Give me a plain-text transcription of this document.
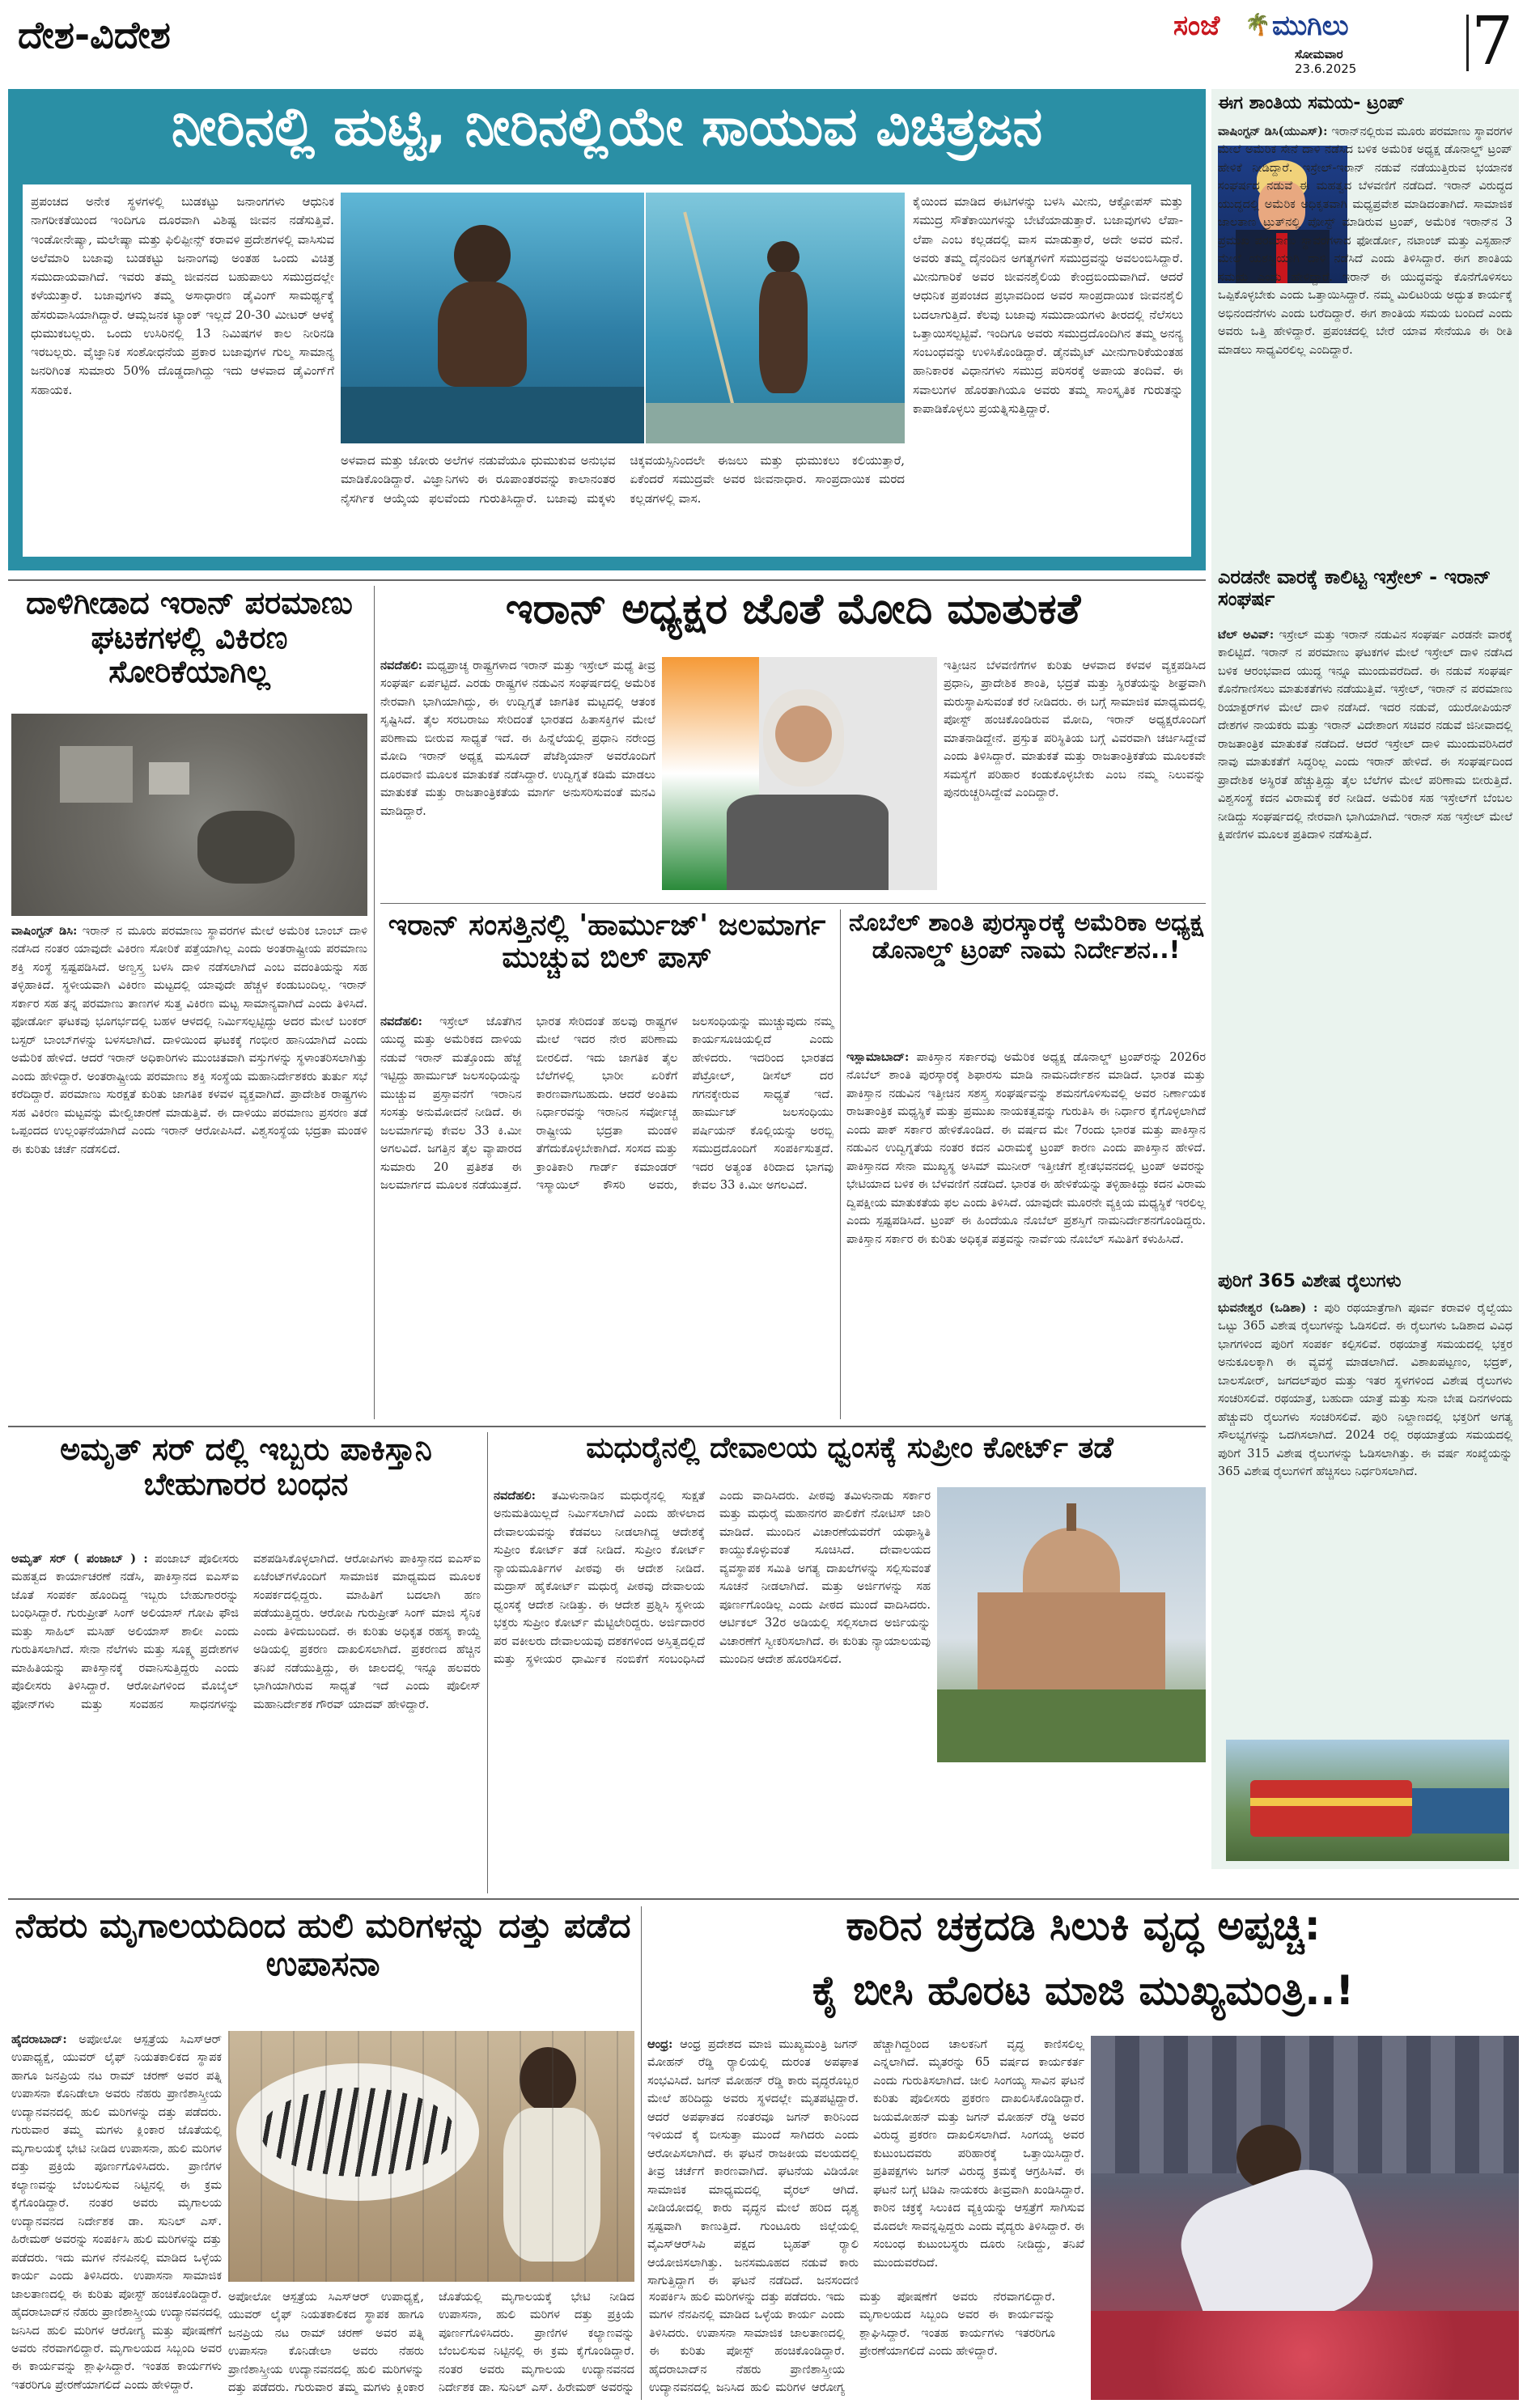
ದೇಶ-ವಿದೇಶ	ಸಂಜೆ 🌴 ಮುಗಿಲು
ಸೋಮವಾರ
23.6.2025 7
ನೀರಿನಲ್ಲಿ ಹುಟ್ಟಿ, ನೀರಿನಲ್ಲಿಯೇ ಸಾಯುವ ವಿಚಿತ್ರಜನ
ಪ್ರಪಂಚದ ಅನೇಕ ಸ್ಥಳಗಳಲ್ಲಿ ಬುಡಕಟ್ಟು ಜನಾಂಗಗಳು ಆಧುನಿಕ ನಾಗರೀಕತೆಯಿಂದ ಇಂದಿಗೂ ದೂರವಾಗಿ ವಿಶಿಷ್ಟ ಜೀವನ ನಡೆಸುತ್ತಿವೆ. ಇಂಡೋನೇಷ್ಯಾ, ಮಲೇಷ್ಯಾ ಮತ್ತು ಫಿಲಿಪ್ಪೀನ್ಸ್ ಕರಾವಳಿ ಪ್ರದೇಶಗಳಲ್ಲಿ ವಾಸಿಸುವ ಅಲೆಮಾರಿ ಬಜಾವು ಬುಡಕಟ್ಟು ಜನಾಂಗವು ಅಂತಹ ಒಂದು ವಿಚಿತ್ರ ಸಮುದಾಯವಾಗಿದೆ. ಇವರು ತಮ್ಮ ಜೀವನದ ಬಹುಪಾಲು ಸಮುದ್ರದಲ್ಲೇ ಕಳೆಯುತ್ತಾರೆ. ಬಜಾವುಗಳು ತಮ್ಮ ಅಸಾಧಾರಣ ಡೈವಿಂಗ್ ಸಾಮರ್ಥ್ಯಕ್ಕೆ ಹೆಸರುವಾಸಿಯಾಗಿದ್ದಾರೆ. ಆಮ್ಲಜನಕ ಟ್ಯಾಂಕ್ ಇಲ್ಲದೆ 20-30 ಮೀಟರ್ ಆಳಕ್ಕೆ ಧುಮುಕಬಲ್ಲರು. ಒಂದು ಉಸಿರಿನಲ್ಲಿ 13 ನಿಮಿಷಗಳ ಕಾಲ ನೀರಿನಡಿ ಇರಬಲ್ಲರು. ವೈಜ್ಞಾನಿಕ ಸಂಶೋಧನೆಯ ಪ್ರಕಾರ ಬಜಾವುಗಳ ಗುಲ್ಮ ಸಾಮಾನ್ಯ ಜನರಿಗಿಂತ ಸುಮಾರು 50% ದೊಡ್ಡದಾಗಿದ್ದು ಇದು ಆಳವಾದ ಡೈವಿಂಗ್‌ಗೆ ಸಹಾಯಕ.
ಅಳವಾದ ಮತ್ತು ಜೋರು ಅಲೆಗಳ ನಡುವೆಯೂ ಧುಮುಕುವ ಅನುಭವ ಮಾಡಿಕೊಂಡಿದ್ದಾರೆ. ವಿಜ್ಞಾನಿಗಳು ಈ ರೂಪಾಂತರವನ್ನು ಕಾಲಾನಂತರ ನೈಸರ್ಗಿಕ ಆಯ್ಕೆಯ ಫಲವೆಂದು ಗುರುತಿಸಿದ್ದಾರೆ. ಬಜಾವು ಮಕ್ಕಳು ಚಿಕ್ಕವಯಸ್ಸಿನಿಂದಲೇ ಈಜಲು ಮತ್ತು ಧುಮುಕಲು ಕಲಿಯುತ್ತಾರೆ, ಏಕೆಂದರೆ ಸಮುದ್ರವೇ ಅವರ ಜೀವನಾಧಾರ. ಸಾಂಪ್ರದಾಯಿಕ ಮರದ ಕಲ್ಲಡಗಳಲ್ಲಿ ವಾಸ.
ಕೈಯಿಂದ ಮಾಡಿದ ಈಟಿಗಳನ್ನು ಬಳಸಿ ಮೀನು, ಆಕ್ಟೋಪಸ್ ಮತ್ತು ಸಮುದ್ರ ಸೌತೆಕಾಯಿಗಳನ್ನು ಬೇಟೆಯಾಡುತ್ತಾರೆ. ಬಜಾವುಗಳು ಲೆಪಾ-ಲೆಪಾ ಎಂಬ ಕಲ್ಲಡದಲ್ಲಿ ವಾಸ ಮಾಡುತ್ತಾರೆ, ಅದೇ ಅವರ ಮನೆ. ಅವರು ತಮ್ಮ ದೈನಂದಿನ ಅಗತ್ಯಗಳಿಗೆ ಸಮುದ್ರವನ್ನು ಅವಲಂಬಿಸಿದ್ದಾರೆ. ಮೀನುಗಾರಿಕೆ ಅವರ ಜೀವನಶೈಲಿಯ ಕೇಂದ್ರಬಿಂದುವಾಗಿದೆ. ಆದರೆ ಆಧುನಿಕ ಪ್ರಪಂಚದ ಪ್ರಭಾವದಿಂದ ಅವರ ಸಾಂಪ್ರದಾಯಿಕ ಜೀವನಶೈಲಿ ಬದಲಾಗುತ್ತಿದೆ. ಕೆಲವು ಬಜಾವು ಸಮುದಾಯಗಳು ತೀರದಲ್ಲಿ ನೆಲೆಸಲು ಒತ್ತಾಯಿಸಲ್ಪಟ್ಟಿವೆ. ಇಂದಿಗೂ ಅವರು ಸಮುದ್ರದೊಂದಿಗಿನ ತಮ್ಮ ಅನನ್ಯ ಸಂಬಂಧವನ್ನು ಉಳಿಸಿಕೊಂಡಿದ್ದಾರೆ. ಡೈನಮೈಟ್ ಮೀನುಗಾರಿಕೆಯಂತಹ ಹಾನಿಕಾರಕ ವಿಧಾನಗಳು ಸಮುದ್ರ ಪರಿಸರಕ್ಕೆ ಅಪಾಯ ತಂದಿವೆ. ಈ ಸವಾಲುಗಳ ಹೊರತಾಗಿಯೂ ಅವರು ತಮ್ಮ ಸಾಂಸ್ಕೃತಿಕ ಗುರುತನ್ನು ಕಾಪಾಡಿಕೊಳ್ಳಲು ಪ್ರಯತ್ನಿಸುತ್ತಿದ್ದಾರೆ.
ಈಗ ಶಾಂತಿಯ ಸಮಯ- ಟ್ರಂಪ್
ವಾಷಿಂಗ್ಟನ್ ಡಿಸಿ(ಯುಎಸ್): ಇರಾನ್‌ನಲ್ಲಿರುವ ಮೂರು ಪರಮಾಣು ಸ್ಥಾವರಗಳ ಮೇಲೆ ಅಮೆರಿಕ ಸೇನೆ ದಾಳಿ ನಡೆಸಿದ ಬಳಿಕ ಅಮೆರಿಕ ಅಧ್ಯಕ್ಷ ಡೊನಾಲ್ಡ್ ಟ್ರಂಪ್ ಹೇಳಿಕೆ ನೀಡಿದ್ದಾರೆ. ಇಸ್ರೇಲ್-ಇರಾನ್ ನಡುವೆ ನಡೆಯುತ್ತಿರುವ ಭಯಾನಕ ಸಂಘರ್ಷದ ನಡುವೆ ಈ ಮಹತ್ವದ ಬೆಳವಣಿಗೆ ನಡೆದಿದೆ. ಇರಾನ್ ವಿರುದ್ಧದ ಯುದ್ಧದಲ್ಲಿ ಅಮೆರಿಕ ಅಧಿಕೃತವಾಗಿ ಮಧ್ಯಪ್ರವೇಶ ಮಾಡಿದಂತಾಗಿದೆ. ಸಾಮಾಜಿಕ ಜಾಲತಾಣ ಟ್ರುತ್‌ನಲ್ಲಿ ಪೋಸ್ಟ್ ಮಾಡಿರುವ ಟ್ರಂಪ್, ಅಮೆರಿಕ ಇರಾನ್‌ನ 3 ಪ್ರಮುಖ ಪರಮಾಣು ಸ್ಥಾವರಗಳಾದ ಫೋರ್ಡೋ, ನಟಾಂಜ್ ಮತ್ತು ಎಸ್ಫಹಾನ್ ಮೇಲೆ ಯಶಸ್ವಿಯಾಗಿ ದಾಳಿ ನಡೆಸಿದೆ ಎಂದು ತಿಳಿಸಿದ್ದಾರೆ. ಈಗ ಶಾಂತಿಯ ಸಮಯ ಎಂದು ಹೇಳಿದ್ದಾರೆ. ಇರಾನ್ ಈ ಯುದ್ಧವನ್ನು ಕೊನೆಗೊಳಿಸಲು ಒಪ್ಪಿಕೊಳ್ಳಬೇಕು ಎಂದು ಒತ್ತಾಯಿಸಿದ್ದಾರೆ. ನಮ್ಮ ಮಿಲಿಟರಿಯ ಅದ್ಭುತ ಕಾರ್ಯಕ್ಕೆ ಅಭಿನಂದನೆಗಳು ಎಂದು ಬರೆದಿದ್ದಾರೆ. ಈಗ ಶಾಂತಿಯ ಸಮಯ ಬಂದಿದೆ ಎಂದು ಅವರು ಒತ್ತಿ ಹೇಳಿದ್ದಾರೆ. ಪ್ರಪಂಚದಲ್ಲಿ ಬೇರೆ ಯಾವ ಸೇನೆಯೂ ಈ ರೀತಿ ಮಾಡಲು ಸಾಧ್ಯವಿರಲಿಲ್ಲ ಎಂದಿದ್ದಾರೆ.
ಎರಡನೇ ವಾರಕ್ಕೆ ಕಾಲಿಟ್ಟ ಇಸ್ರೇಲ್ - ಇರಾನ್ ಸಂಘರ್ಷ
ಟೆಲ್ ಅವಿವ್: ಇಸ್ರೇಲ್ ಮತ್ತು ಇರಾನ್ ನಡುವಿನ ಸಂಘರ್ಷ ಎರಡನೇ ವಾರಕ್ಕೆ ಕಾಲಿಟ್ಟಿದೆ. ಇರಾನ್ ನ ಪರಮಾಣು ಘಟಕಗಳ ಮೇಲೆ ಇಸ್ರೇಲ್ ದಾಳಿ ನಡೆಸಿದ ಬಳಿಕ ಆರಂಭವಾದ ಯುದ್ಧ ಇನ್ನೂ ಮುಂದುವರೆದಿದೆ. ಈ ನಡುವೆ ಸಂಘರ್ಷ ಕೊನೆಗಾಣಿಸಲು ಮಾತುಕತೆಗಳು ನಡೆಯುತ್ತಿವೆ. ಇಸ್ರೇಲ್, ಇರಾನ್ ನ ಪರಮಾಣು ರಿಯಾಕ್ಟರ್‌ಗಳ ಮೇಲೆ ದಾಳಿ ನಡೆಸಿದೆ. ಇದರ ನಡುವೆ, ಯುರೋಪಿಯನ್ ದೇಶಗಳ ನಾಯಕರು ಮತ್ತು ಇರಾನ್ ವಿದೇಶಾಂಗ ಸಚಿವರ ನಡುವೆ ಜಿನೀವಾದಲ್ಲಿ ರಾಜತಾಂತ್ರಿಕ ಮಾತುಕತೆ ನಡೆದಿದೆ. ಆದರೆ ಇಸ್ರೇಲ್ ದಾಳಿ ಮುಂದುವರಿಸಿದರೆ ನಾವು ಮಾತುಕತೆಗೆ ಸಿದ್ಧರಿಲ್ಲ ಎಂದು ಇರಾನ್ ಹೇಳಿದೆ. ಈ ಸಂಘರ್ಷದಿಂದ ಪ್ರಾದೇಶಿಕ ಅಸ್ಥಿರತೆ ಹೆಚ್ಚುತ್ತಿದ್ದು ತೈಲ ಬೆಲೆಗಳ ಮೇಲೆ ಪರಿಣಾಮ ಬೀರುತ್ತಿದೆ. ವಿಶ್ವಸಂಸ್ಥೆ ಕದನ ವಿರಾಮಕ್ಕೆ ಕರೆ ನೀಡಿದೆ. ಅಮೆರಿಕ ಸಹ ಇಸ್ರೇಲ್‌ಗೆ ಬೆಂಬಲ ನೀಡಿದ್ದು ಸಂಘರ್ಷದಲ್ಲಿ ನೇರವಾಗಿ ಭಾಗಿಯಾಗಿದೆ. ಇರಾನ್ ಸಹ ಇಸ್ರೇಲ್ ಮೇಲೆ ಕ್ಷಿಪಣಿಗಳ ಮೂಲಕ ಪ್ರತಿದಾಳಿ ನಡೆಸುತ್ತಿದೆ.
ಪುರಿಗೆ 365 ವಿಶೇಷ ರೈಲುಗಳು
ಭುವನೇಶ್ವರ (ಒಡಿಶಾ) : ಪುರಿ ರಥಯಾತ್ರೆಗಾಗಿ ಪೂರ್ವ ಕರಾವಳಿ ರೈಲ್ವೆಯು ಒಟ್ಟು 365 ವಿಶೇಷ ರೈಲುಗಳನ್ನು ಓಡಿಸಲಿದೆ. ಈ ರೈಲುಗಳು ಒಡಿಶಾದ ವಿವಿಧ ಭಾಗಗಳಿಂದ ಪುರಿಗೆ ಸಂಪರ್ಕ ಕಲ್ಪಿಸಲಿವೆ. ರಥಯಾತ್ರೆ ಸಮಯದಲ್ಲಿ ಭಕ್ತರ ಅನುಕೂಲಕ್ಕಾಗಿ ಈ ವ್ಯವಸ್ಥೆ ಮಾಡಲಾಗಿದೆ. ವಿಶಾಖಪಟ್ಟಣಂ, ಭದ್ರಕ್, ಬಾಲಸೋರ್, ಜಗದಲ್‌ಪುರ ಮತ್ತು ಇತರ ಸ್ಥಳಗಳಿಂದ ವಿಶೇಷ ರೈಲುಗಳು ಸಂಚರಿಸಲಿವೆ. ರಥಯಾತ್ರೆ, ಬಹುದಾ ಯಾತ್ರೆ ಮತ್ತು ಸುನಾ ಬೇಷ ದಿನಗಳಂದು ಹೆಚ್ಚುವರಿ ರೈಲುಗಳು ಸಂಚರಿಸಲಿವೆ. ಪುರಿ ನಿಲ್ದಾಣದಲ್ಲಿ ಭಕ್ತರಿಗೆ ಅಗತ್ಯ ಸೌಲಭ್ಯಗಳನ್ನು ಒದಗಿಸಲಾಗಿದೆ. 2024 ರಲ್ಲಿ ರಥಯಾತ್ರೆಯ ಸಮಯದಲ್ಲಿ ಪುರಿಗೆ 315 ವಿಶೇಷ ರೈಲುಗಳನ್ನು ಓಡಿಸಲಾಗಿತ್ತು. ಈ ವರ್ಷ ಸಂಖ್ಯೆಯನ್ನು 365 ವಿಶೇಷ ರೈಲುಗಳಿಗೆ ಹೆಚ್ಚಿಸಲು ನಿರ್ಧರಿಸಲಾಗಿದೆ.
ದಾಳಿಗೀಡಾದ ಇರಾನ್ ಪರಮಾಣು ಘಟಕಗಳಲ್ಲಿ ವಿಕಿರಣ ಸೋರಿಕೆಯಾಗಿಲ್ಲ
ವಾಷಿಂಗ್ಟನ್ ಡಿಸಿ: ಇರಾನ್ ನ ಮೂರು ಪರಮಾಣು ಸ್ಥಾವರಗಳ ಮೇಲೆ ಅಮೆರಿಕ ಬಾಂಬ್ ದಾಳಿ ನಡೆಸಿದ ನಂತರ ಯಾವುದೇ ವಿಕಿರಣ ಸೋರಿಕೆ ಪತ್ತೆಯಾಗಿಲ್ಲ ಎಂದು ಅಂತರಾಷ್ಟ್ರೀಯ ಪರಮಾಣು ಶಕ್ತಿ ಸಂಸ್ಥೆ ಸ್ಪಷ್ಟಪಡಿಸಿದೆ. ಅಣ್ವಸ್ತ್ರ ಬಳಸಿ ದಾಳಿ ನಡೆಸಲಾಗಿದೆ ಎಂಬ ವದಂತಿಯನ್ನು ಸಹ ತಳ್ಳಿಹಾಕಿದೆ. ಸ್ಥಳೀಯವಾಗಿ ವಿಕಿರಣ ಮಟ್ಟದಲ್ಲಿ ಯಾವುದೇ ಹೆಚ್ಚಳ ಕಂಡುಬಂದಿಲ್ಲ. ಇರಾನ್ ಸರ್ಕಾರ ಸಹ ತನ್ನ ಪರಮಾಣು ತಾಣಗಳ ಸುತ್ತ ವಿಕಿರಣ ಮಟ್ಟ ಸಾಮಾನ್ಯವಾಗಿದೆ ಎಂದು ತಿಳಿಸಿದೆ. ಫೋರ್ಡೋ ಘಟಕವು ಭೂಗರ್ಭದಲ್ಲಿ ಬಹಳ ಆಳದಲ್ಲಿ ನಿರ್ಮಿಸಲ್ಪಟ್ಟಿದ್ದು ಅದರ ಮೇಲೆ ಬಂಕರ್ ಬಸ್ಟರ್ ಬಾಂಬ್‌ಗಳನ್ನು ಬಳಸಲಾಗಿದೆ. ದಾಳಿಯಿಂದ ಘಟಕಕ್ಕೆ ಗಂಭೀರ ಹಾನಿಯಾಗಿದೆ ಎಂದು ಅಮೆರಿಕ ಹೇಳಿದೆ. ಆದರೆ ಇರಾನ್ ಅಧಿಕಾರಿಗಳು ಮುಂಚಿತವಾಗಿ ವಸ್ತುಗಳನ್ನು ಸ್ಥಳಾಂತರಿಸಲಾಗಿತ್ತು ಎಂದು ಹೇಳಿದ್ದಾರೆ. ಅಂತರಾಷ್ಟ್ರೀಯ ಪರಮಾಣು ಶಕ್ತಿ ಸಂಸ್ಥೆಯ ಮಹಾನಿರ್ದೇಶಕರು ತುರ್ತು ಸಭೆ ಕರೆದಿದ್ದಾರೆ. ಪರಮಾಣು ಸುರಕ್ಷತೆ ಕುರಿತು ಜಾಗತಿಕ ಕಳವಳ ವ್ಯಕ್ತವಾಗಿದೆ. ಪ್ರಾದೇಶಿಕ ರಾಷ್ಟ್ರಗಳು ಸಹ ವಿಕಿರಣ ಮಟ್ಟವನ್ನು ಮೇಲ್ವಿಚಾರಣೆ ಮಾಡುತ್ತಿವೆ. ಈ ದಾಳಿಯು ಪರಮಾಣು ಪ್ರಸರಣ ತಡೆ ಒಪ್ಪಂದದ ಉಲ್ಲಂಘನೆಯಾಗಿದೆ ಎಂದು ಇರಾನ್ ಆರೋಪಿಸಿದೆ. ವಿಶ್ವಸಂಸ್ಥೆಯ ಭದ್ರತಾ ಮಂಡಳಿ ಈ ಕುರಿತು ಚರ್ಚೆ ನಡೆಸಲಿದೆ.
ಇರಾನ್ ಅಧ್ಯಕ್ಷರ ಜೊತೆ ಮೋದಿ ಮಾತುಕತೆ
ನವದೆಹಲಿ: ಮಧ್ಯಪ್ರಾಚ್ಯ ರಾಷ್ಟ್ರಗಳಾದ ಇರಾನ್ ಮತ್ತು ಇಸ್ರೇಲ್ ಮಧ್ಯೆ ತೀವ್ರ ಸಂಘರ್ಷ ಏರ್ಪಟ್ಟಿದೆ. ಎರಡು ರಾಷ್ಟ್ರಗಳ ನಡುವಿನ ಸಂಘರ್ಷದಲ್ಲಿ ಅಮೆರಿಕ ನೇರವಾಗಿ ಭಾಗಿಯಾಗಿದ್ದು, ಈ ಉದ್ವಿಗ್ನತೆ ಜಾಗತಿಕ ಮಟ್ಟದಲ್ಲಿ ಆತಂಕ ಸೃಷ್ಟಿಸಿದೆ. ತೈಲ ಸರಬರಾಜು ಸೇರಿದಂತೆ ಭಾರತದ ಹಿತಾಸಕ್ತಿಗಳ ಮೇಲೆ ಪರಿಣಾಮ ಬೀರುವ ಸಾಧ್ಯತೆ ಇದೆ. ಈ ಹಿನ್ನೆಲೆಯಲ್ಲಿ ಪ್ರಧಾನಿ ನರೇಂದ್ರ ಮೋದಿ ಇರಾನ್ ಅಧ್ಯಕ್ಷ ಮಸೂದ್ ಪೆಜೆಶ್ಕಿಯಾನ್ ಅವರೊಂದಿಗೆ ದೂರವಾಣಿ ಮೂಲಕ ಮಾತುಕತೆ ನಡೆಸಿದ್ದಾರೆ. ಉದ್ವಿಗ್ನತೆ ಕಡಿಮೆ ಮಾಡಲು ಮಾತುಕತೆ ಮತ್ತು ರಾಜತಾಂತ್ರಿಕತೆಯ ಮಾರ್ಗ ಅನುಸರಿಸುವಂತೆ ಮನವಿ ಮಾಡಿದ್ದಾರೆ.
ಇತ್ತೀಚಿನ ಬೆಳವಣಿಗೆಗಳ ಕುರಿತು ಆಳವಾದ ಕಳವಳ ವ್ಯಕ್ತಪಡಿಸಿದ ಪ್ರಧಾನಿ, ಪ್ರಾದೇಶಿಕ ಶಾಂತಿ, ಭದ್ರತೆ ಮತ್ತು ಸ್ಥಿರತೆಯನ್ನು ಶೀಘ್ರವಾಗಿ ಮರುಸ್ಥಾಪಿಸುವಂತೆ ಕರೆ ನೀಡಿದರು. ಈ ಬಗ್ಗೆ ಸಾಮಾಜಿಕ ಮಾಧ್ಯಮದಲ್ಲಿ ಪೋಸ್ಟ್ ಹಂಚಿಕೊಂಡಿರುವ ಮೋದಿ, ಇರಾನ್ ಅಧ್ಯಕ್ಷರೊಂದಿಗೆ ಮಾತನಾಡಿದ್ದೇನೆ. ಪ್ರಸ್ತುತ ಪರಿಸ್ಥಿತಿಯ ಬಗ್ಗೆ ವಿವರವಾಗಿ ಚರ್ಚಿಸಿದ್ದೇವೆ ಎಂದು ತಿಳಿಸಿದ್ದಾರೆ. ಮಾತುಕತೆ ಮತ್ತು ರಾಜತಾಂತ್ರಿಕತೆಯ ಮೂಲಕವೇ ಸಮಸ್ಯೆಗೆ ಪರಿಹಾರ ಕಂಡುಕೊಳ್ಳಬೇಕು ಎಂಬ ನಮ್ಮ ನಿಲುವನ್ನು ಪುನರುಚ್ಚರಿಸಿದ್ದೇವೆ ಎಂದಿದ್ದಾರೆ.
ಇರಾನ್ ಸಂಸತ್ತಿನಲ್ಲಿ 'ಹಾರ್ಮುಜ್' ಜಲಮಾರ್ಗ ಮುಚ್ಚುವ ಬಿಲ್ ಪಾಸ್
ನವದೆಹಲಿ: ಇಸ್ರೇಲ್ ಜೊತೆಗಿನ ಯುದ್ಧ ಮತ್ತು ಅಮೆರಿಕದ ದಾಳಿಯ ನಡುವೆ ಇರಾನ್ ಮತ್ತೊಂದು ಹೆಜ್ಜೆ ಇಟ್ಟಿದ್ದು ಹಾರ್ಮುಜ್ ಜಲಸಂಧಿಯನ್ನು ಮುಚ್ಚುವ ಪ್ರಸ್ತಾವನೆಗೆ ಇರಾನಿನ ಸಂಸತ್ತು ಅನುಮೋದನೆ ನೀಡಿದೆ. ಈ ಜಲಮಾರ್ಗವು ಕೇವಲ 33 ಕಿ.ಮೀ ಅಗಲವಿದೆ. ಜಗತ್ತಿನ ತೈಲ ವ್ಯಾಪಾರದ ಸುಮಾರು 20 ಪ್ರತಿಶತ ಈ ಜಲಮಾರ್ಗದ ಮೂಲಕ ನಡೆಯುತ್ತದೆ. ಭಾರತ ಸೇರಿದಂತೆ ಹಲವು ರಾಷ್ಟ್ರಗಳ ಮೇಲೆ ಇದರ ನೇರ ಪರಿಣಾಮ ಬೀರಲಿದೆ. ಇದು ಜಾಗತಿಕ ತೈಲ ಬೆಲೆಗಳಲ್ಲಿ ಭಾರೀ ಏರಿಕೆಗೆ ಕಾರಣವಾಗಬಹುದು. ಆದರೆ ಅಂತಿಮ ನಿರ್ಧಾರವನ್ನು ಇರಾನಿನ ಸರ್ವೋಚ್ಚ ರಾಷ್ಟ್ರೀಯ ಭದ್ರತಾ ಮಂಡಳಿ ತೆಗೆದುಕೊಳ್ಳಬೇಕಾಗಿದೆ. ಸಂಸದ ಮತ್ತು ಕ್ರಾಂತಿಕಾರಿ ಗಾರ್ಡ್ ಕಮಾಂಡರ್ ಇಸ್ಮಾಯಿಲ್ ಕೌಸರಿ ಅವರು, ಜಲಸಂಧಿಯನ್ನು ಮುಚ್ಚುವುದು ನಮ್ಮ ಕಾರ್ಯಸೂಚಿಯಲ್ಲಿದೆ ಎಂದು ಹೇಳಿದರು. ಇದರಿಂದ ಭಾರತದ ಪೆಟ್ರೋಲ್, ಡೀಸೆಲ್ ದರ ಗಗನಕ್ಕೇರುವ ಸಾಧ್ಯತೆ ಇದೆ. ಹಾರ್ಮುಜ್ ಜಲಸಂಧಿಯು ಪರ್ಷಿಯನ್ ಕೊಲ್ಲಿಯನ್ನು ಅರಬ್ಬಿ ಸಮುದ್ರದೊಂದಿಗೆ ಸಂಪರ್ಕಿಸುತ್ತದೆ. ಇದರ ಅತ್ಯಂತ ಕಿರಿದಾದ ಭಾಗವು ಕೇವಲ 33 ಕಿ.ಮೀ ಅಗಲವಿದೆ.
ನೊಬೆಲ್ ಶಾಂತಿ ಪುರಸ್ಕಾರಕ್ಕೆ ಅಮೆರಿಕಾ ಅಧ್ಯಕ್ಷ ಡೊನಾಲ್ಡ್ ಟ್ರಂಪ್ ನಾಮ ನಿರ್ದೇಶನ..!
ಇಸ್ಲಾಮಾಬಾದ್: ಪಾಕಿಸ್ತಾನ ಸರ್ಕಾರವು ಅಮೆರಿಕ ಅಧ್ಯಕ್ಷ ಡೊನಾಲ್ಡ್ ಟ್ರಂಪ್‌ರನ್ನು 2026ರ ನೊಬೆಲ್ ಶಾಂತಿ ಪುರಸ್ಕಾರಕ್ಕೆ ಶಿಫಾರಸು ಮಾಡಿ ನಾಮನಿರ್ದೇಶನ ಮಾಡಿದೆ. ಭಾರತ ಮತ್ತು ಪಾಕಿಸ್ತಾನ ನಡುವಿನ ಇತ್ತೀಚಿನ ಸಶಸ್ತ್ರ ಸಂಘರ್ಷವನ್ನು ಶಮನಗೊಳಿಸುವಲ್ಲಿ ಅವರ ನಿರ್ಣಾಯಕ ರಾಜತಾಂತ್ರಿಕ ಮಧ್ಯಸ್ಥಿಕೆ ಮತ್ತು ಪ್ರಮುಖ ನಾಯಕತ್ವವನ್ನು ಗುರುತಿಸಿ ಈ ನಿರ್ಧಾರ ಕೈಗೊಳ್ಳಲಾಗಿದೆ ಎಂದು ಪಾಕ್ ಸರ್ಕಾರ ಹೇಳಿಕೊಂಡಿದೆ. ಈ ವರ್ಷದ ಮೇ 7ರಂದು ಭಾರತ ಮತ್ತು ಪಾಕಿಸ್ತಾನ ನಡುವಿನ ಉದ್ವಿಗ್ನತೆಯ ನಂತರ ಕದನ ವಿರಾಮಕ್ಕೆ ಟ್ರಂಪ್ ಕಾರಣ ಎಂದು ಪಾಕಿಸ್ತಾನ ಹೇಳಿದೆ. ಪಾಕಿಸ್ತಾನದ ಸೇನಾ ಮುಖ್ಯಸ್ಥ ಅಸಿಮ್ ಮುನೀರ್ ಇತ್ತೀಚೆಗೆ ಶ್ವೇತಭವನದಲ್ಲಿ ಟ್ರಂಪ್ ಅವರನ್ನು ಭೇಟಿಯಾದ ಬಳಿಕ ಈ ಬೆಳವಣಿಗೆ ನಡೆದಿದೆ. ಭಾರತ ಈ ಹೇಳಿಕೆಯನ್ನು ತಳ್ಳಿಹಾಕಿದ್ದು ಕದನ ವಿರಾಮ ದ್ವಿಪಕ್ಷೀಯ ಮಾತುಕತೆಯ ಫಲ ಎಂದು ತಿಳಿಸಿದೆ. ಯಾವುದೇ ಮೂರನೇ ವ್ಯಕ್ತಿಯ ಮಧ್ಯಸ್ಥಿಕೆ ಇರಲಿಲ್ಲ ಎಂದು ಸ್ಪಷ್ಟಪಡಿಸಿದೆ. ಟ್ರಂಪ್ ಈ ಹಿಂದೆಯೂ ನೊಬೆಲ್ ಪ್ರಶಸ್ತಿಗೆ ನಾಮನಿರ್ದೇಶನಗೊಂಡಿದ್ದರು. ಪಾಕಿಸ್ತಾನ ಸರ್ಕಾರ ಈ ಕುರಿತು ಅಧಿಕೃತ ಪತ್ರವನ್ನು ನಾರ್ವೆಯ ನೊಬೆಲ್ ಸಮಿತಿಗೆ ಕಳುಹಿಸಿದೆ.
ಅಮೃತ್ ಸರ್ ದಲ್ಲಿ ಇಬ್ಬರು ಪಾಕಿಸ್ತಾನಿ ಬೇಹುಗಾರರ ಬಂಧನ
ಅಮೃತ್ ಸರ್ ( ಪಂಜಾಬ್ ) : ಪಂಜಾಬ್ ಪೊಲೀಸರು ಮಹತ್ವದ ಕಾರ್ಯಾಚರಣೆ ನಡೆಸಿ, ಪಾಕಿಸ್ತಾನದ ಐಎಸ್ಐ ಜೊತೆ ಸಂಪರ್ಕ ಹೊಂದಿದ್ದ ಇಬ್ಬರು ಬೇಹುಗಾರರನ್ನು ಬಂಧಿಸಿದ್ದಾರೆ. ಗುರುಪ್ರೀತ್ ಸಿಂಗ್ ಅಲಿಯಾಸ್ ಗೋಪಿ ಫೌಜಿ ಮತ್ತು ಸಾಹಿಲ್ ಮಸಿಹ್ ಅಲಿಯಾಸ್ ಶಾಲೀ ಎಂದು ಗುರುತಿಸಲಾಗಿದೆ. ಸೇನಾ ನೆಲೆಗಳು ಮತ್ತು ಸೂಕ್ಷ್ಮ ಪ್ರದೇಶಗಳ ಮಾಹಿತಿಯನ್ನು ಪಾಕಿಸ್ತಾನಕ್ಕೆ ರವಾನಿಸುತ್ತಿದ್ದರು ಎಂದು ಪೊಲೀಸರು ತಿಳಿಸಿದ್ದಾರೆ. ಆರೋಪಿಗಳಿಂದ ಮೊಬೈಲ್ ಫೋನ್‌ಗಳು ಮತ್ತು ಸಂವಹನ ಸಾಧನಗಳನ್ನು ವಶಪಡಿಸಿಕೊಳ್ಳಲಾಗಿದೆ. ಆರೋಪಿಗಳು ಪಾಕಿಸ್ತಾನದ ಐಎಸ್ಐ ಏಜೆಂಟ್‌ಗಳೊಂದಿಗೆ ಸಾಮಾಜಿಕ ಮಾಧ್ಯಮದ ಮೂಲಕ ಸಂಪರ್ಕದಲ್ಲಿದ್ದರು. ಮಾಹಿತಿಗೆ ಬದಲಾಗಿ ಹಣ ಪಡೆಯುತ್ತಿದ್ದರು. ಆರೋಪಿ ಗುರುಪ್ರೀತ್ ಸಿಂಗ್ ಮಾಜಿ ಸೈನಿಕ ಎಂದು ತಿಳಿದುಬಂದಿದೆ. ಈ ಕುರಿತು ಅಧಿಕೃತ ರಹಸ್ಯ ಕಾಯ್ದೆ ಅಡಿಯಲ್ಲಿ ಪ್ರಕರಣ ದಾಖಲಿಸಲಾಗಿದೆ. ಪ್ರಕರಣದ ಹೆಚ್ಚಿನ ತನಿಖೆ ನಡೆಯುತ್ತಿದ್ದು, ಈ ಜಾಲದಲ್ಲಿ ಇನ್ನೂ ಹಲವರು ಭಾಗಿಯಾಗಿರುವ ಸಾಧ್ಯತೆ ಇದೆ ಎಂದು ಪೊಲೀಸ್ ಮಹಾನಿರ್ದೇಶಕ ಗೌರವ್ ಯಾದವ್ ಹೇಳಿದ್ದಾರೆ.
ಮಧುರೈನಲ್ಲಿ ದೇವಾಲಯ ಧ್ವಂಸಕ್ಕೆ ಸುಪ್ರೀಂ ಕೋರ್ಟ್ ತಡೆ
ನವದೆಹಲಿ: ತಮಿಳುನಾಡಿನ ಮಧುರೈನಲ್ಲಿ ಸುಕ್ಷತೆ ಅನುಮತಿಯಿಲ್ಲದೆ ನಿರ್ಮಿಸಲಾಗಿದೆ ಎಂದು ಹೇಳಲಾದ ದೇವಾಲಯವನ್ನು ಕೆಡವಲು ನೀಡಲಾಗಿದ್ದ ಆದೇಶಕ್ಕೆ ಸುಪ್ರೀಂ ಕೋರ್ಟ್ ತಡೆ ನೀಡಿದೆ. ಸುಪ್ರೀಂ ಕೋರ್ಟ್ ನ್ಯಾಯಮೂರ್ತಿಗಳ ಪೀಠವು ಈ ಆದೇಶ ನೀಡಿದೆ. ಮದ್ರಾಸ್ ಹೈಕೋರ್ಟ್ ಮಧುರೈ ಪೀಠವು ದೇವಾಲಯ ಧ್ವಂಸಕ್ಕೆ ಆದೇಶ ನೀಡಿತ್ತು. ಈ ಆದೇಶ ಪ್ರಶ್ನಿಸಿ ಸ್ಥಳೀಯ ಭಕ್ತರು ಸುಪ್ರೀಂ ಕೋರ್ಟ್ ಮೆಟ್ಟಿಲೇರಿದ್ದರು. ಅರ್ಜಿದಾರರ ಪರ ವಕೀಲರು ದೇವಾಲಯವು ದಶಕಗಳಿಂದ ಅಸ್ತಿತ್ವದಲ್ಲಿದೆ ಮತ್ತು ಸ್ಥಳೀಯರ ಧಾರ್ಮಿಕ ನಂಬಿಕೆಗೆ ಸಂಬಂಧಿಸಿದೆ ಎಂದು ವಾದಿಸಿದರು. ಪೀಠವು ತಮಿಳುನಾಡು ಸರ್ಕಾರ ಮತ್ತು ಮಧುರೈ ಮಹಾನಗರ ಪಾಲಿಕೆಗೆ ನೋಟಿಸ್ ಜಾರಿ ಮಾಡಿದೆ. ಮುಂದಿನ ವಿಚಾರಣೆಯವರೆಗೆ ಯಥಾಸ್ಥಿತಿ ಕಾಯ್ದುಕೊಳ್ಳುವಂತೆ ಸೂಚಿಸಿದೆ. ದೇವಾಲಯದ ವ್ಯವಸ್ಥಾಪಕ ಸಮಿತಿ ಅಗತ್ಯ ದಾಖಲೆಗಳನ್ನು ಸಲ್ಲಿಸುವಂತೆ ಸೂಚನೆ ನೀಡಲಾಗಿದೆ. ಮತ್ತು ಅರ್ಜಿಗಳನ್ನು ಸಹ ಪೂರ್ಣಗೊಂಡಿಲ್ಲ ಎಂದು ಪೀಠದ ಮುಂದೆ ವಾದಿಸಿದರು. ಆರ್ಟಿಕಲ್ 32ರ ಅಡಿಯಲ್ಲಿ ಸಲ್ಲಿಸಲಾದ ಅರ್ಜಿಯನ್ನು ವಿಚಾರಣೆಗೆ ಸ್ವೀಕರಿಸಲಾಗಿದೆ. ಈ ಕುರಿತು ನ್ಯಾಯಾಲಯವು ಮುಂದಿನ ಆದೇಶ ಹೊರಡಿಸಲಿದೆ.
ನೆಹರು ಮೃಗಾಲಯದಿಂದ ಹುಲಿ ಮರಿಗಳನ್ನು ದತ್ತು ಪಡೆದ ಉಪಾಸನಾ
ಹೈದರಾಬಾದ್: ಅಪೋಲೋ ಆಸ್ಪತ್ರೆಯ ಸಿಎಸ್ಆರ್ ಉಪಾಧ್ಯಕ್ಷೆ, ಯುವರ್ ಲೈಫ್ ನಿಯತಕಾಲಿಕದ ಸ್ಥಾಪಕ ಹಾಗೂ ಜನಪ್ರಿಯ ನಟ ರಾಮ್ ಚರಣ್ ಅವರ ಪತ್ನಿ ಉಪಾಸನಾ ಕೊನಿಡೇಲಾ ಅವರು ನೆಹರು ಪ್ರಾಣಿಶಾಸ್ತ್ರೀಯ ಉದ್ಯಾನವನದಲ್ಲಿ ಹುಲಿ ಮರಿಗಳನ್ನು ದತ್ತು ಪಡೆದರು. ಗುರುವಾರ ತಮ್ಮ ಮಗಳು ಕ್ಲಿಂಕಾರ ಜೊತೆಯಲ್ಲಿ ಮೃಗಾಲಯಕ್ಕೆ ಭೇಟಿ ನೀಡಿದ ಉಪಾಸನಾ, ಹುಲಿ ಮರಿಗಳ ದತ್ತು ಪ್ರಕ್ರಿಯೆ ಪೂರ್ಣಗೊಳಿಸಿದರು. ಪ್ರಾಣಿಗಳ ಕಲ್ಯಾಣವನ್ನು ಬೆಂಬಲಿಸುವ ನಿಟ್ಟಿನಲ್ಲಿ ಈ ಕ್ರಮ ಕೈಗೊಂಡಿದ್ದಾರೆ. ನಂತರ ಅವರು ಮೃಗಾಲಯ ಉದ್ಯಾನವನದ ನಿರ್ದೇಶಕ ಡಾ. ಸುನಿಲ್ ಎಸ್. ಹಿರೇಮಠ್ ಅವರನ್ನು ಸಂಪರ್ಕಿಸಿ ಹುಲಿ ಮರಿಗಳನ್ನು ದತ್ತು ಪಡೆದರು. ಇದು ಮಗಳ ನೆನಪಿನಲ್ಲಿ ಮಾಡಿದ ಒಳ್ಳೆಯ ಕಾರ್ಯ ಎಂದು ತಿಳಿಸಿದರು. ಉಪಾಸನಾ ಸಾಮಾಜಿಕ ಜಾಲತಾಣದಲ್ಲಿ ಈ ಕುರಿತು ಪೋಸ್ಟ್ ಹಂಚಿಕೊಂಡಿದ್ದಾರೆ. ಹೈದರಾಬಾದ್‌ನ ನೆಹರು ಪ್ರಾಣಿಶಾಸ್ತ್ರೀಯ ಉದ್ಯಾನವನದಲ್ಲಿ ಜನಿಸಿದ ಹುಲಿ ಮರಿಗಳ ಆರೋಗ್ಯ ಮತ್ತು ಪೋಷಣೆಗೆ ಅವರು ನೆರವಾಗಲಿದ್ದಾರೆ. ಮೃಗಾಲಯದ ಸಿಬ್ಬಂದಿ ಅವರ ಈ ಕಾರ್ಯವನ್ನು ಶ್ಲಾಘಿಸಿದ್ದಾರೆ. ಇಂತಹ ಕಾರ್ಯಗಳು ಇತರರಿಗೂ ಪ್ರೇರಣೆಯಾಗಲಿದೆ ಎಂದು ಹೇಳಿದ್ದಾರೆ.
ಅಪೋಲೋ ಆಸ್ಪತ್ರೆಯ ಸಿಎಸ್ಆರ್ ಉಪಾಧ್ಯಕ್ಷೆ, ಯುವರ್ ಲೈಫ್ ನಿಯತಕಾಲಿಕದ ಸ್ಥಾಪಕ ಹಾಗೂ ಜನಪ್ರಿಯ ನಟ ರಾಮ್ ಚರಣ್ ಅವರ ಪತ್ನಿ ಉಪಾಸನಾ ಕೊನಿಡೇಲಾ ಅವರು ನೆಹರು ಪ್ರಾಣಿಶಾಸ್ತ್ರೀಯ ಉದ್ಯಾನವನದಲ್ಲಿ ಹುಲಿ ಮರಿಗಳನ್ನು ದತ್ತು ಪಡೆದರು. ಗುರುವಾರ ತಮ್ಮ ಮಗಳು ಕ್ಲಿಂಕಾರ ಜೊತೆಯಲ್ಲಿ ಮೃಗಾಲಯಕ್ಕೆ ಭೇಟಿ ನೀಡಿದ ಉಪಾಸನಾ, ಹುಲಿ ಮರಿಗಳ ದತ್ತು ಪ್ರಕ್ರಿಯೆ ಪೂರ್ಣಗೊಳಿಸಿದರು. ಪ್ರಾಣಿಗಳ ಕಲ್ಯಾಣವನ್ನು ಬೆಂಬಲಿಸುವ ನಿಟ್ಟಿನಲ್ಲಿ ಈ ಕ್ರಮ ಕೈಗೊಂಡಿದ್ದಾರೆ. ನಂತರ ಅವರು ಮೃಗಾಲಯ ಉದ್ಯಾನವನದ ನಿರ್ದೇಶಕ ಡಾ. ಸುನಿಲ್ ಎಸ್. ಹಿರೇಮಠ್ ಅವರನ್ನು ಸಂಪರ್ಕಿಸಿ ಹುಲಿ ಮರಿಗಳನ್ನು ದತ್ತು ಪಡೆದರು. ಇದು ಮಗಳ ನೆನಪಿನಲ್ಲಿ ಮಾಡಿದ ಒಳ್ಳೆಯ ಕಾರ್ಯ ಎಂದು ತಿಳಿಸಿದರು. ಉಪಾಸನಾ ಸಾಮಾಜಿಕ ಜಾಲತಾಣದಲ್ಲಿ ಈ ಕುರಿತು ಪೋಸ್ಟ್ ಹಂಚಿಕೊಂಡಿದ್ದಾರೆ. ಹೈದರಾಬಾದ್‌ನ ನೆಹರು ಪ್ರಾಣಿಶಾಸ್ತ್ರೀಯ ಉದ್ಯಾನವನದಲ್ಲಿ ಜನಿಸಿದ ಹುಲಿ ಮರಿಗಳ ಆರೋಗ್ಯ ಮತ್ತು ಪೋಷಣೆಗೆ ಅವರು ನೆರವಾಗಲಿದ್ದಾರೆ. ಮೃಗಾಲಯದ ಸಿಬ್ಬಂದಿ ಅವರ ಈ ಕಾರ್ಯವನ್ನು ಶ್ಲಾಘಿಸಿದ್ದಾರೆ. ಇಂತಹ ಕಾರ್ಯಗಳು ಇತರರಿಗೂ ಪ್ರೇರಣೆಯಾಗಲಿದೆ ಎಂದು ಹೇಳಿದ್ದಾರೆ.
ಕಾರಿನ ಚಕ್ರದಡಿ ಸಿಲುಕಿ ವೃದ್ಧ ಅಪ್ಪಚ್ಚಿ:
ಕೈ ಬೀಸಿ ಹೊರಟ ಮಾಜಿ ಮುಖ್ಯಮಂತ್ರಿ..!
ಆಂಧ್ರ: ಆಂಧ್ರ ಪ್ರದೇಶದ ಮಾಜಿ ಮುಖ್ಯಮಂತ್ರಿ ಜಗನ್ ಮೋಹನ್ ರೆಡ್ಡಿ ರ್‍ಯಾಲಿಯಲ್ಲಿ ದುರಂತ ಅಪಘಾತ ಸಂಭವಿಸಿದೆ. ಜಗನ್ ಮೋಹನ್ ರೆಡ್ಡಿ ಕಾರು ವೃದ್ಧರೊಬ್ಬರ ಮೇಲೆ ಹರಿದಿದ್ದು ಅವರು ಸ್ಥಳದಲ್ಲೇ ಮೃತಪಟ್ಟಿದ್ದಾರೆ. ಆದರೆ ಅಪಘಾತದ ನಂತರವೂ ಜಗನ್ ಕಾರಿನಿಂದ ಇಳಿಯದೆ ಕೈ ಬೀಸುತ್ತಾ ಮುಂದೆ ಸಾಗಿದರು ಎಂದು ಆರೋಪಿಸಲಾಗಿದೆ. ಈ ಘಟನೆ ರಾಜಕೀಯ ವಲಯದಲ್ಲಿ ತೀವ್ರ ಚರ್ಚೆಗೆ ಕಾರಣವಾಗಿದೆ. ಘಟನೆಯ ವಿಡಿಯೋ ಸಾಮಾಜಿಕ ಮಾಧ್ಯಮದಲ್ಲಿ ವೈರಲ್ ಆಗಿದೆ. ವೀಡಿಯೋದಲ್ಲಿ ಕಾರು ವೃದ್ಧನ ಮೇಲೆ ಹರಿದ ದೃಶ್ಯ ಸ್ಪಷ್ಟವಾಗಿ ಕಾಣುತ್ತಿದೆ. ಗುಂಟೂರು ಜಿಲ್ಲೆಯಲ್ಲಿ ವೈಎಸ್ಆರ್‌ಸಿಪಿ ಪಕ್ಷದ ಬೃಹತ್ ರ್‍ಯಾಲಿ ಆಯೋಜಿಸಲಾಗಿತ್ತು. ಜನಸಮೂಹದ ನಡುವೆ ಕಾರು ಸಾಗುತ್ತಿದ್ದಾಗ ಈ ಘಟನೆ ನಡೆದಿದೆ. ಜನಸಂದಣಿ ಹೆಚ್ಚಾಗಿದ್ದರಿಂದ ಚಾಲಕನಿಗೆ ವೃದ್ಧ ಕಾಣಿಸಲಿಲ್ಲ ಎನ್ನಲಾಗಿದೆ. ಮೃತರನ್ನು 65 ವರ್ಷದ ಕಾರ್ಯಕರ್ತ ಎಂದು ಗುರುತಿಸಲಾಗಿದೆ. ಚೀಲಿ ಸಿಂಗಯ್ಯ ಸಾವಿನ ಘಟನೆ ಕುರಿತು ಪೊಲೀಸರು ಪ್ರಕರಣ ದಾಖಲಿಸಿಕೊಂಡಿದ್ದಾರೆ. ಜಯಮೋಹನ್ ಮತ್ತು ಜಗನ್ ಮೋಹನ್ ರೆಡ್ಡಿ ಅವರ ವಿರುದ್ಧ ಪ್ರಕರಣ ದಾಖಲಿಸಲಾಗಿದೆ. ಸಿಂಗಯ್ಯ ಅವರ ಕುಟುಂಬದವರು ಪರಿಹಾರಕ್ಕೆ ಒತ್ತಾಯಿಸಿದ್ದಾರೆ. ಪ್ರತಿಪಕ್ಷಗಳು ಜಗನ್ ವಿರುದ್ಧ ಕ್ರಮಕ್ಕೆ ಆಗ್ರಹಿಸಿವೆ. ಈ ಘಟನೆ ಬಗ್ಗೆ ಟಿಡಿಪಿ ನಾಯಕರು ತೀವ್ರವಾಗಿ ಖಂಡಿಸಿದ್ದಾರೆ. ಕಾರಿನ ಚಕ್ರಕ್ಕೆ ಸಿಲುಕಿದ ವ್ಯಕ್ತಿಯನ್ನು ಆಸ್ಪತ್ರೆಗೆ ಸಾಗಿಸುವ ಮೊದಲೇ ಸಾವನ್ನಪ್ಪಿದ್ದರು ಎಂದು ವೈದ್ಯರು ತಿಳಿಸಿದ್ದಾರೆ. ಈ ಸಂಬಂಧ ಕುಟುಂಬಸ್ಥರು ದೂರು ನೀಡಿದ್ದು, ತನಿಖೆ ಮುಂದುವರೆದಿದೆ.
